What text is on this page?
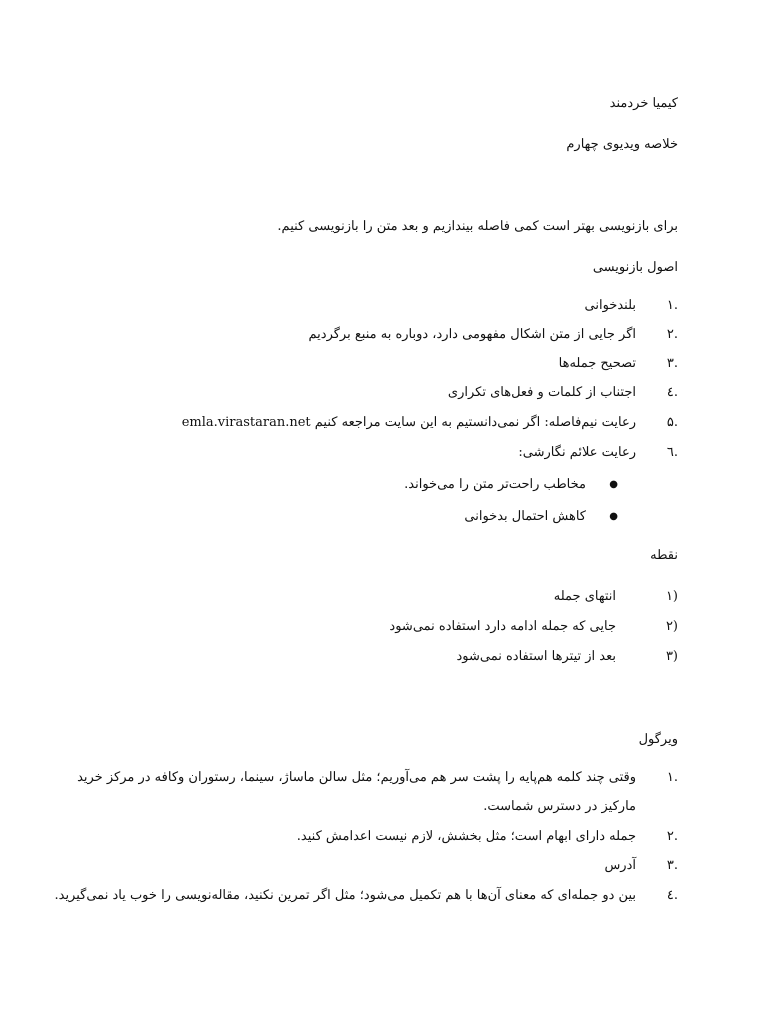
کیمیا خردمند

خلاصه ویدیوی چهارم

برای بازنویسی بهتر است کمی فاصله بیندازیم و بعد متن را بازنویسی کنیم.

اصول بازنویسی
.۱
بلندخوانی
.۲
اگر جایی از متن اشکال مفهومی دارد، دوباره به منبع برگردیم
.۳
تصحیح جمله‌ها
.٤
اجتناب از کلمات و فعل‌های تکراری
.۵
رعایت نیم‌فاصله: اگر نمی‌دانستیم به این سایت مراجعه کنیم emla.virastaran.net
.٦
رعایت علائم نگارشی:
●
مخاطب راحت‌تر متن را می‌خواند.
●
کاهش احتمال بدخوانی
نقطه
(۱
انتهای جمله
(۲
جایی که جمله ادامه دارد استفاده نمی‌شود
(۳
بعد از تیترها استفاده نمی‌شود
ویرگول
.۱
وقتی چند کلمه هم‌پایه را پشت سر هم می‌آوریم؛ مثل سالن ماساژ، سینما، رستوران وکافه در مرکز خرید مارکیز در دسترس شماست.
.۲
جمله دارای ابهام است؛ مثل بخشش، لازم نیست اعدامش کنید.
.۳
آدرس
.٤
بین دو جمله‌ای که معنای آن‌ها با هم تکمیل می‌شود؛ مثل اگر تمرین نکنید، مقاله‌نویسی را خوب یاد نمی‌گیرید.
